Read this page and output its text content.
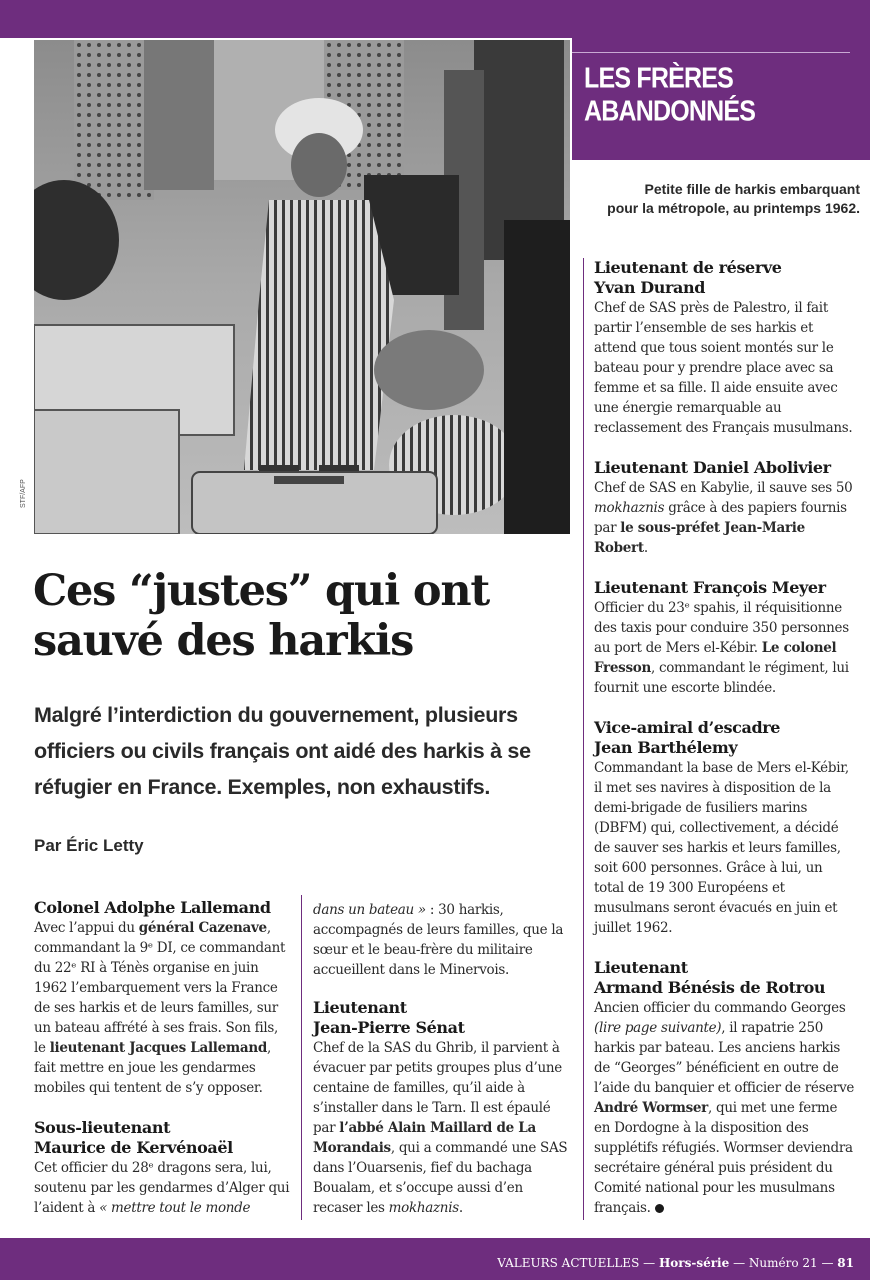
LES FRÈRES ABANDONNÉS
STF/AFP
Petite fille de harkis embarquant
pour la métropole, au printemps 1962.
Ces “justes” qui ont
sauvé des harkis

Malgré l’interdiction du gouvernement, plusieurs officiers ou civils français ont aidé des harkis à se réfugier en France. Exemples, non exhaustifs.

Par Éric Letty

Colonel Adolphe Lallemand

Avec l’appui du général Cazenave, commandant la 9ᵉ DI, ce commandant du 22ᵉ RI à Ténès organise en juin 1962 l’embarquement vers la France de ses harkis et de leurs familles, sur un bateau affrété à ses frais. Son fils, le lieutenant Jacques Lallemand, fait mettre en joue les gendarmes mobiles qui tentent de s’y opposer.

Sous-lieutenant
Maurice de Kervénoaël

Cet officier du 28ᵉ dragons sera, lui, soutenu par les gendarmes d’Alger qui l’aident à « mettre tout le monde

dans un bateau » : 30 harkis, accompagnés de leurs familles, que la sœur et le beau-frère du militaire accueillent dans le Minervois.

Lieutenant
Jean-Pierre Sénat

Chef de la SAS du Ghrib, il parvient à évacuer par petits groupes plus d’une centaine de familles, qu’il aide à s’installer dans le Tarn. Il est épaulé par l’abbé Alain Maillard de La Morandais, qui a commandé une SAS dans l’Ouarsenis, fief du bachaga Boualam, et s’occupe aussi d’en recaser les mokhaznis.

Lieutenant de réserve
Yvan Durand

Chef de SAS près de Palestro, il fait partir l’ensemble de ses harkis et attend que tous soient montés sur le bateau pour y prendre place avec sa femme et sa fille. Il aide ensuite avec une énergie remarquable au reclassement des Français musulmans.

Lieutenant Daniel Abolivier

Chef de SAS en Kabylie, il sauve ses 50 mokhaznis grâce à des papiers fournis par le sous-préfet Jean-Marie Robert.

Lieutenant François Meyer

Officier du 23ᵉ spahis, il réquisitionne des taxis pour conduire 350 personnes au port de Mers el-Kébir. Le colonel Fresson, commandant le régiment, lui fournit une escorte blindée.

Vice-amiral d’escadre
Jean Barthélemy

Commandant la base de Mers el-Kébir, il met ses navires à disposition de la demi-brigade de fusiliers marins (DBFM) qui, collectivement, a décidé de sauver ses harkis et leurs familles, soit 600 personnes. Grâce à lui, un total de 19 300 Européens et musulmans seront évacués en juin et juillet 1962.

Lieutenant
Armand Bénésis de Rotrou

Ancien officier du commando Georges (lire page suivante), il rapatrie 250 harkis par bateau. Les anciens harkis de “Georges” bénéficient en outre de l’aide du banquier et officier de réserve André Wormser, qui met une ferme en Dordogne à la disposition des supplétifs réfugiés. Wormser deviendra secrétaire général puis président du Comité national pour les musulmans français.

VALEURS ACTUELLES — Hors-série — Numéro 21 — 81
